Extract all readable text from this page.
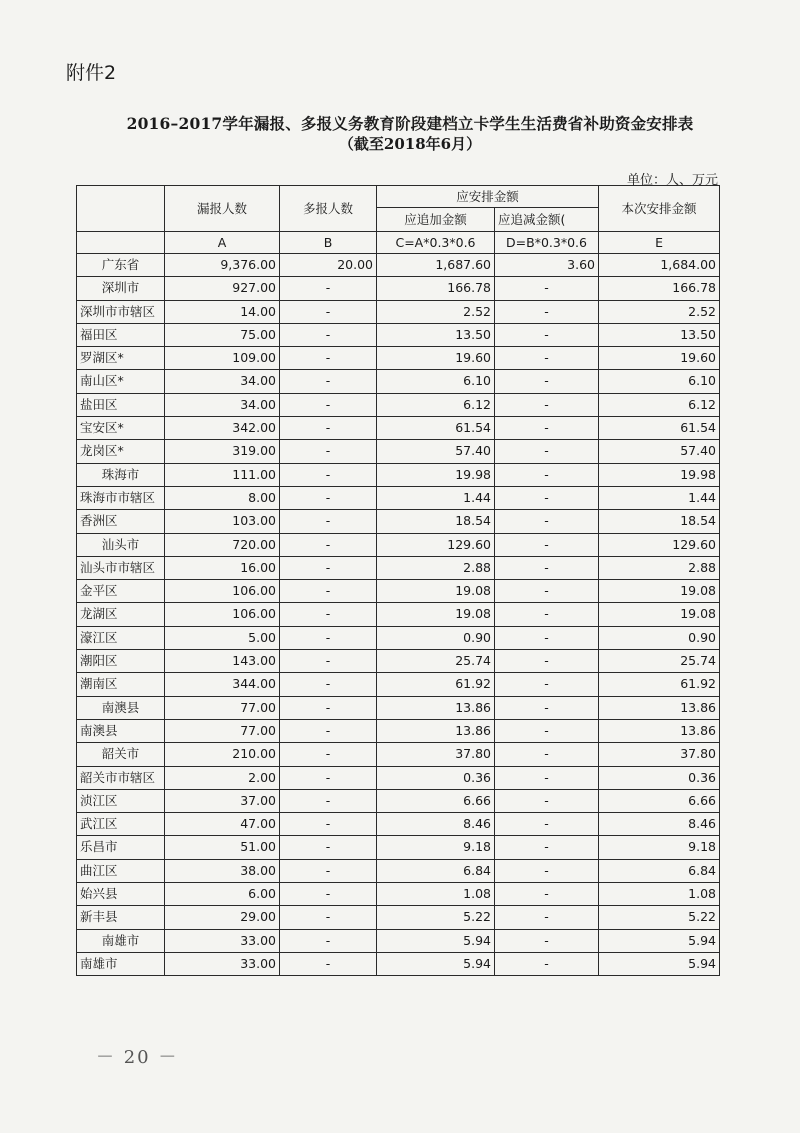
附件2
2016–2017学年漏报、多报义务教育阶段建档立卡学生生活费省补助资金安排表
（截至2018年6月）
单位：人、万元
	漏报人数	多报人数	应安排金额		本次安排金额
			应追加金额	应追减金额(	
	A	B	C=A*0.3*0.6	D=B*0.3*0.6	E
广东省	9,376.00	20.00	1,687.60	3.60	1,684.00
深圳市	927.00	-	166.78	-	166.78
深圳市市辖区	14.00	-	2.52	-	2.52
福田区	75.00	-	13.50	-	13.50
罗湖区*	109.00	-	19.60	-	19.60
南山区*	34.00	-	6.10	-	6.10
盐田区	34.00	-	6.12	-	6.12
宝安区*	342.00	-	61.54	-	61.54
龙岗区*	319.00	-	57.40	-	57.40
珠海市	111.00	-	19.98	-	19.98
珠海市市辖区	8.00	-	1.44	-	1.44
香洲区	103.00	-	18.54	-	18.54
汕头市	720.00	-	129.60	-	129.60
汕头市市辖区	16.00	-	2.88	-	2.88
金平区	106.00	-	19.08	-	19.08
龙湖区	106.00	-	19.08	-	19.08
濠江区	5.00	-	0.90	-	0.90
潮阳区	143.00	-	25.74	-	25.74
潮南区	344.00	-	61.92	-	61.92
南澳县	77.00	-	13.86	-	13.86
南澳县	77.00	-	13.86	-	13.86
韶关市	210.00	-	37.80	-	37.80
韶关市市辖区	2.00	-	0.36	-	0.36
浈江区	37.00	-	6.66	-	6.66
武江区	47.00	-	8.46	-	8.46
乐昌市	51.00	-	9.18	-	9.18
曲江区	38.00	-	6.84	-	6.84
始兴县	6.00	-	1.08	-	1.08
新丰县	29.00	-	5.22	-	5.22
南雄市	33.00	-	5.94	-	5.94
南雄市	33.00	-	5.94	-	5.94
－ 20 －
